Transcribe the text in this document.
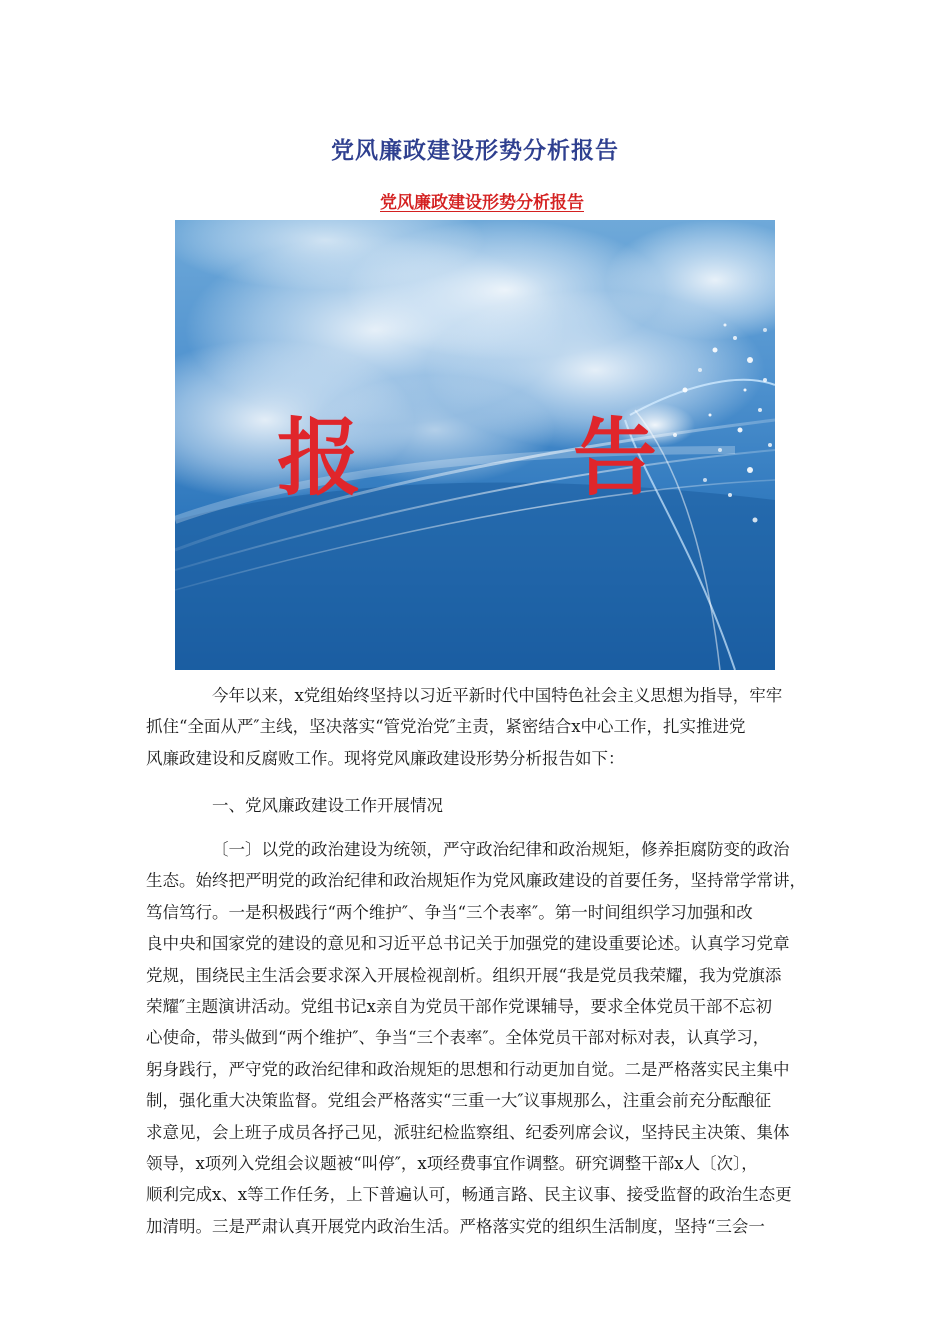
党风廉政建设形势分析报告
党风廉政建设形势分析报告
报	告
今年以来，x党组始终坚持以习近平新时代中国特色社会主义思想为指导，牢牢
抓住“全面从严″主线，坚决落实“管党治党″主责，紧密结合x中心工作，扎实推进党
风廉政建设和反腐败工作。现将党风廉政建设形势分析报告如下：
一、党风廉政建设工作开展情况
〔一〕以党的政治建设为统领，严守政治纪律和政治规矩，修养拒腐防变的政治
生态。始终把严明党的政治纪律和政治规矩作为党风廉政建设的首要任务，坚持常学常讲，
笃信笃行。一是积极践行“两个维护″、争当“三个表率″。第一时间组织学习加强和改
良中央和国家党的建设的意见和习近平总书记关于加强党的建设重要论述。认真学习党章
党规，围绕民主生活会要求深入开展检视剖析。组织开展“我是党员我荣耀，我为党旗添
荣耀″主题演讲活动。党组书记x亲自为党员干部作党课辅导，要求全体党员干部不忘初
心使命，带头做到“两个维护″、争当“三个表率″。全体党员干部对标对表，认真学习，
躬身践行，严守党的政治纪律和政治规矩的思想和行动更加自觉。二是严格落实民主集中
制，强化重大决策监督。党组会严格落实“三重一大″议事规那么，注重会前充分酝酿征
求意见，会上班子成员各抒己见，派驻纪检监察组、纪委列席会议，坚持民主决策、集体
领导，x项列入党组会议题被“叫停″，x项经费事宜作调整。研究调整干部x人〔次〕，
顺利完成x、x等工作任务，上下普遍认可，畅通言路、民主议事、接受监督的政治生态更
加清明。三是严肃认真开展党内政治生活。严格落实党的组织生活制度，坚持“三会一
